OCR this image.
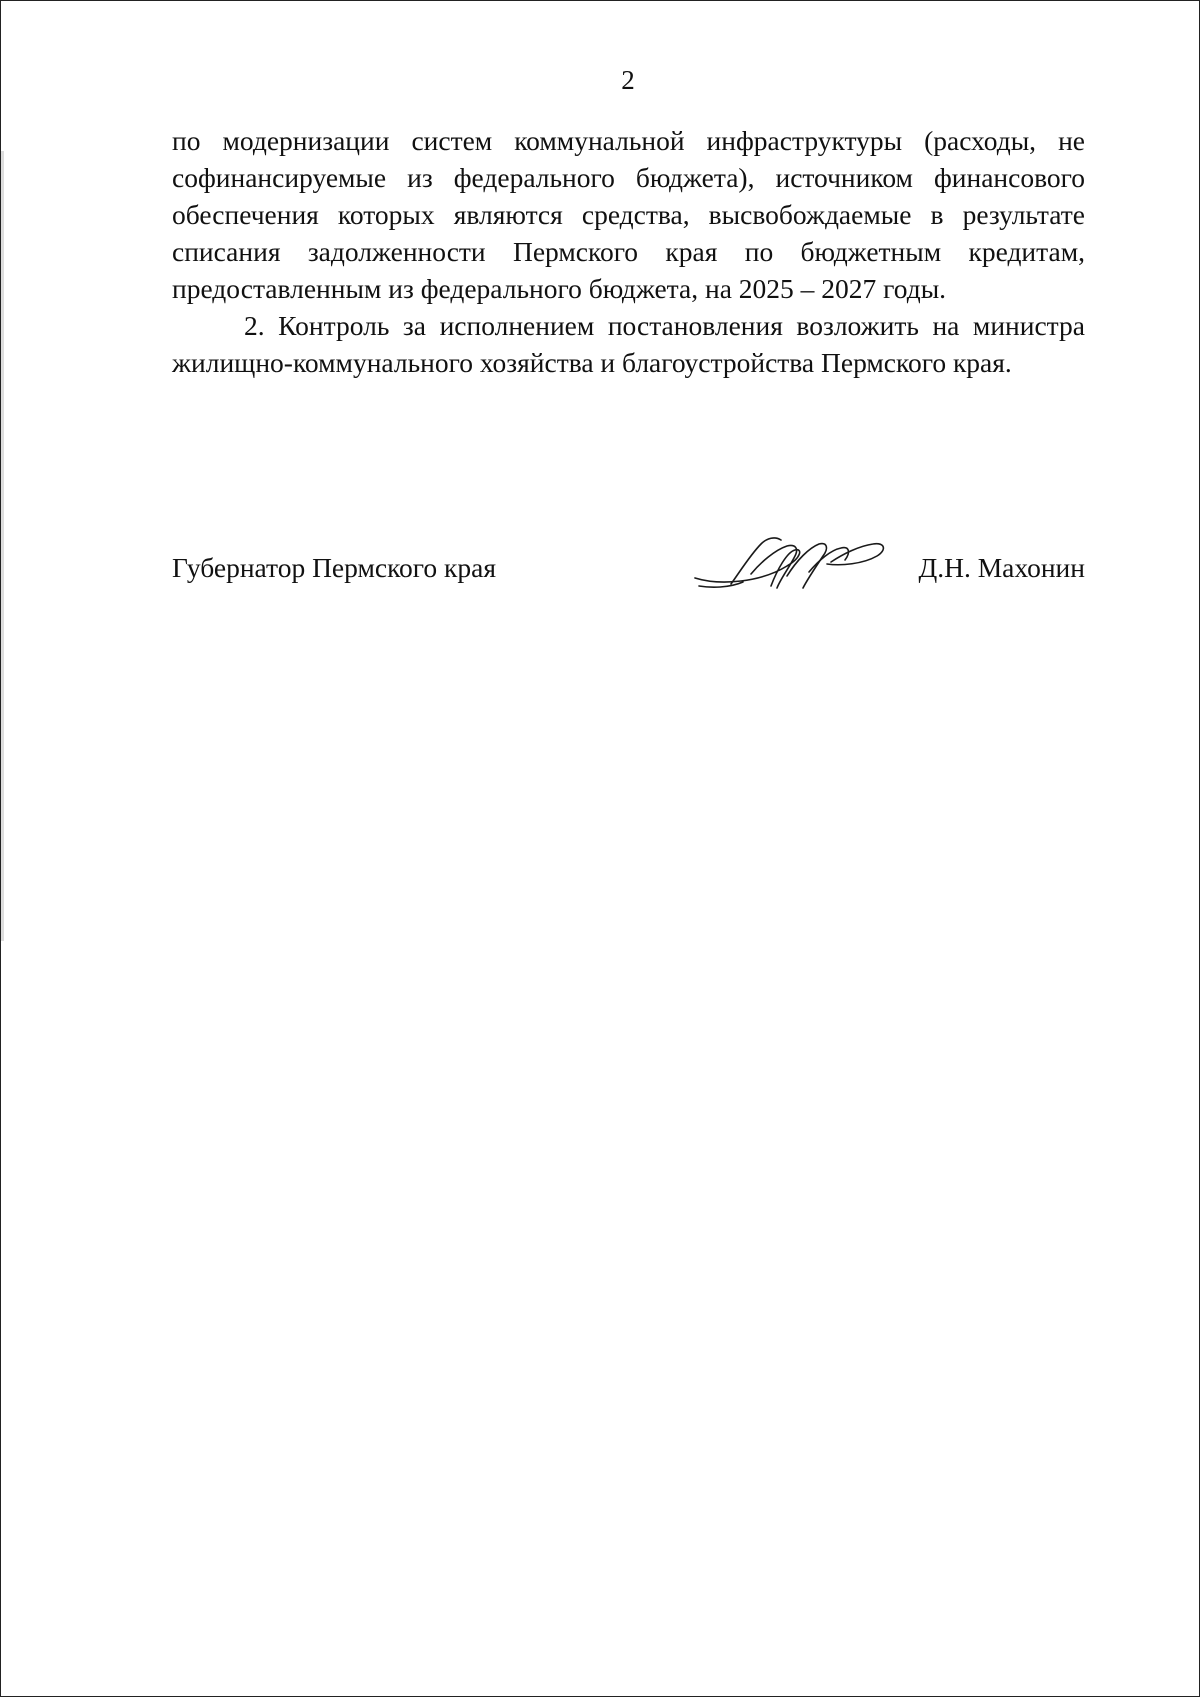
2

по модернизации систем коммунальной инфраструктуры (расходы, не софинансируемые из федерального бюджета), источником финансового обеспечения которых являются средства, высвобождаемые в результате списания задолженности Пермского края по бюджетным кредитам, предоставленным из федерального бюджета, на 2025 – 2027 годы.

2. Контроль за исполнением постановления возложить на министра жилищно-коммунального хозяйства и благоустройства Пермского края.

Губернатор Пермского края	Д.Н. Махонин
